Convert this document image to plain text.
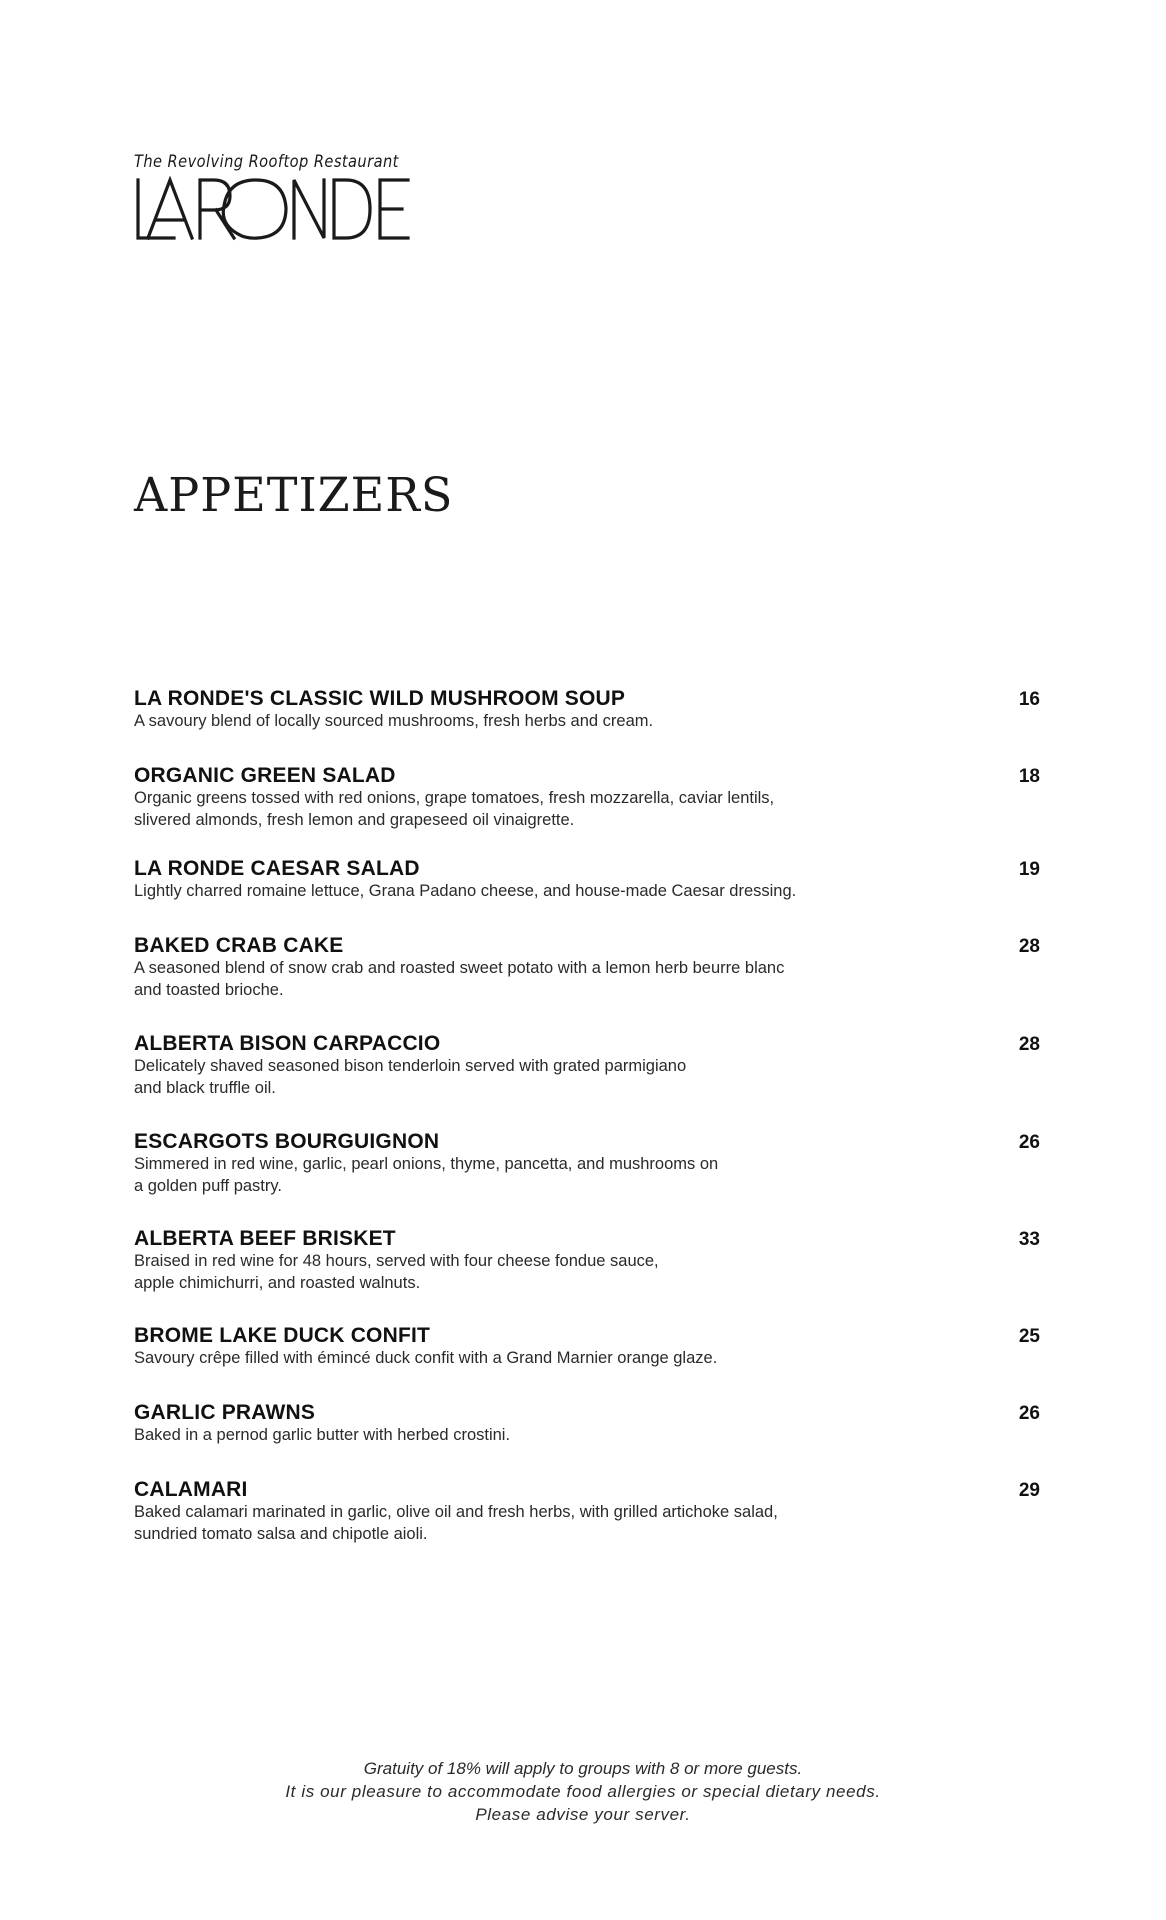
The Revolving Rooftop Restaurant
APPETIZERS
LA RONDE'S CLASSIC WILD MUSHROOM SOUP	16
A savoury blend of locally sourced mushrooms, fresh herbs and cream.
ORGANIC GREEN SALAD	18
Organic greens tossed with red onions, grape tomatoes, fresh mozzarella, caviar lentils,
slivered almonds, fresh lemon and grapeseed oil vinaigrette.
LA RONDE CAESAR SALAD	19
Lightly charred romaine lettuce, Grana Padano cheese, and house-made Caesar dressing.
BAKED CRAB CAKE	28
A seasoned blend of snow crab and roasted sweet potato with a lemon herb beurre blanc
and toasted brioche.
ALBERTA BISON CARPACCIO	28
Delicately shaved seasoned bison tenderloin served with grated parmigiano
and black truffle oil.
ESCARGOTS BOURGUIGNON	26
Simmered in red wine, garlic, pearl onions, thyme, pancetta, and mushrooms on
a golden puff pastry.
ALBERTA BEEF BRISKET	33
Braised in red wine for 48 hours, served with four cheese fondue sauce,
apple chimichurri, and roasted walnuts.
BROME LAKE DUCK CONFIT	25
Savoury crêpe filled with émincé duck confit with a Grand Marnier orange glaze.
GARLIC PRAWNS	26
Baked in a pernod garlic butter with herbed crostini.
CALAMARI	29
Baked calamari marinated in garlic, olive oil and fresh herbs, with grilled artichoke salad,
sundried tomato salsa and chipotle aioli.
Gratuity of 18% will apply to groups with 8 or more guests.
It is our pleasure to accommodate food allergies or special dietary needs.
Please advise your server.
